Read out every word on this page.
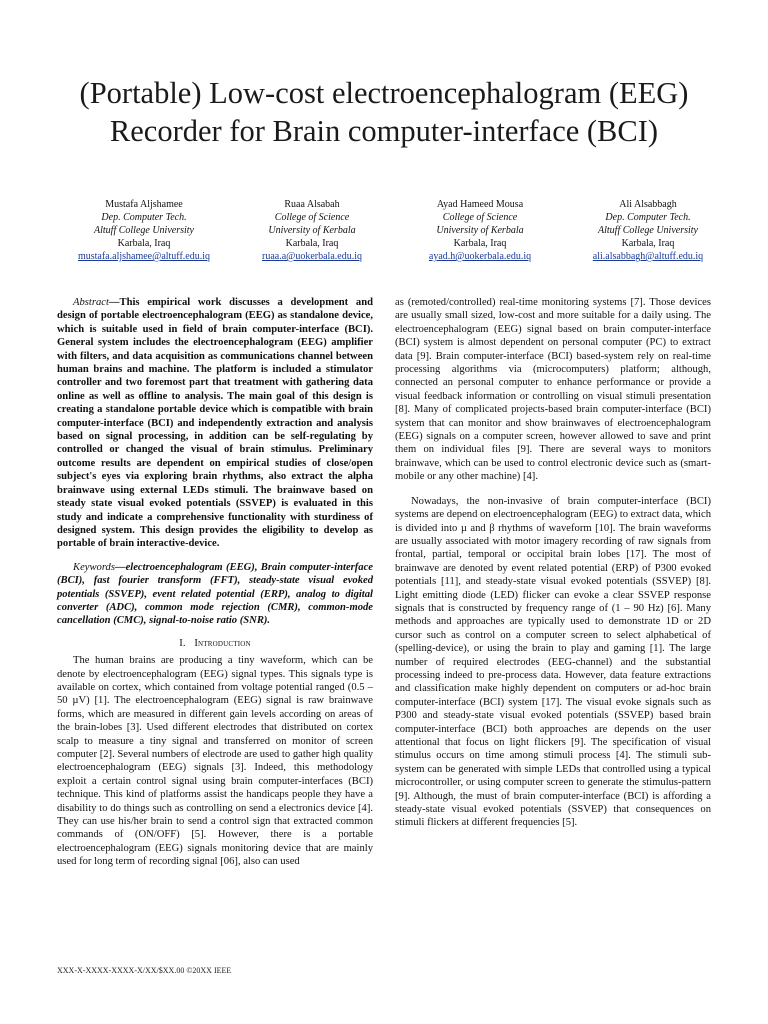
(Portable) Low-cost electroencephalogram (EEG) Recorder for Brain computer-interface (BCI)
Mustafa Aljshamee
Dep. Computer Tech.
Altuff College University
Karbala, Iraq
mustafa.aljshamee@altuff.edu.iq
Ruaa Alsabah
College of Science
University of Kerbala
Karbala, Iraq
ruaa.a@uokerbala.edu.iq
Ayad Hameed Mousa
College of Science
University of Kerbala
Karbala, Iraq
ayad.h@uokerbala.edu.iq
Ali Alsabbagh
Dep. Computer Tech.
Altuff College University
Karbala, Iraq
ali.alsabbagh@altuff.edu.iq

Abstract—This empirical work discusses a development and design of portable electroencephalogram (EEG) as standalone device, which is suitable used in field of brain computer-interface (BCI). General system includes the electroencephalogram (EEG) amplifier with filters, and data acquisition as communications channel between human brains and machine. The platform is included a stimulator controller and two foremost part that treatment with gathering data online as well as offline to analysis. The main goal of this design is creating a standalone portable device which is compatible with brain computer-interface (BCI) and independently extraction and analysis based on signal processing, in addition can be self-regulating by controlled or changed the visual of brain stimulus. Preliminary outcome results are dependent on empirical studies of close/open subject's eyes via exploring brain rhythms, also extract the alpha brainwave using external LEDs stimuli. The brainwave based on steady state visual evoked potentials (SSVEP) is evaluated in this study and indicate a comprehensive functionality with sturdiness of designed system. This design provides the eligibility to develop as portable of brain interactive-device.

Keywords—electroencephalogram (EEG), Brain computer-interface (BCI), fast fourier transform (FFT), steady-state visual evoked potentials (SSVEP), event related potential (ERP), analog to digital converter (ADC), common mode rejection (CMR), common-mode cancellation (CMC), signal-to-noise ratio (SNR).

I. Introduction

The human brains are producing a tiny waveform, which can be denote by electroencephalogram (EEG) signal types. This signals type is available on cortex, which contained from voltage potential ranged (0.5 – 50 µV) [1]. The electroencephalogram (EEG) signal is raw brainwave forms, which are measured in different gain levels according on areas of the brain-lobes [3]. Used different electrodes that distributed on cortex scalp to measure a tiny signal and transferred on monitor of screen computer [2]. Several numbers of electrode are used to gather high quality electroencephalogram (EEG) signals [3]. Indeed, this methodology exploit a certain control signal using brain computer-interfaces (BCI) technique. This kind of platforms assist the handicaps people they have a disability to do things such as controlling on send a electronics device [4]. They can use his/her brain to send a control sign that extracted common commands of (ON/OFF) [5]. However, there is a portable electroencephalogram (EEG) signals monitoring device that are mainly used for long term of recording signal [06], also can used

as (remoted/controlled) real-time monitoring systems [7]. Those devices are usually small sized, low-cost and more suitable for a daily using. The electroencephalogram (EEG) signal based on brain computer-interface (BCI) system is almost dependent on personal computer (PC) to extract data [9]. Brain computer-interface (BCI) based-system rely on real-time processing algorithms via (microcomputers) platform; although, connected an personal computer to enhance performance or provide a visual feedback information or controlling on visual stimuli presentation [8]. Many of complicated projects-based brain computer-interface (BCI) system that can monitor and show brainwaves of electroencephalogram (EEG) signals on a computer screen, however allowed to save and print them on individual files [9]. There are several ways to monitors brainwave, which can be used to control electronic device such as (smart-mobile or any other machine) [4].

Nowadays, the non-invasive of brain computer-interface (BCI) systems are depend on electroencephalogram (EEG) to extract data, which is divided into µ and β rhythms of waveform [10]. The brain waveforms are usually associated with motor imagery recording of raw signals from frontal, partial, temporal or occipital brain lobes [17]. The most of brainwave are denoted by event related potential (ERP) of P300 evoked potentials [11], and steady-state visual evoked potentials (SSVEP) [8]. Light emitting diode (LED) flicker can evoke a clear SSVEP response signals that is constructed by frequency range of (1 – 90 Hz) [6]. Many methods and approaches are typically used to demonstrate 1D or 2D cursor such as control on a computer screen to select alphabetical of (spelling-device), or using the brain to play and gaming [1]. The large number of required electrodes (EEG-channel) and the substantial processing indeed to pre-process data. However, data feature extractions and classification make highly dependent on computers or ad-hoc brain computer-interface (BCI) system [17]. The visual evoke signals such as P300 and steady-state visual evoked potentials (SSVEP) based brain computer-interface (BCI) both approaches are depends on the user attentional that focus on light flickers [9]. The specification of visual stimulus occurs on time among stimuli process [4]. The stimuli sub-system can be generated with simple LEDs that controlled using a typical microcontroller, or using computer screen to generate the stimulus-pattern [9]. Although, the must of brain computer-interface (BCI) is affording a steady-state visual evoked potentials (SSVEP) that consequences on stimuli flickers at different frequencies [5].

XXX-X-XXXX-XXXX-X/XX/$XX.00 ©20XX IEEE
